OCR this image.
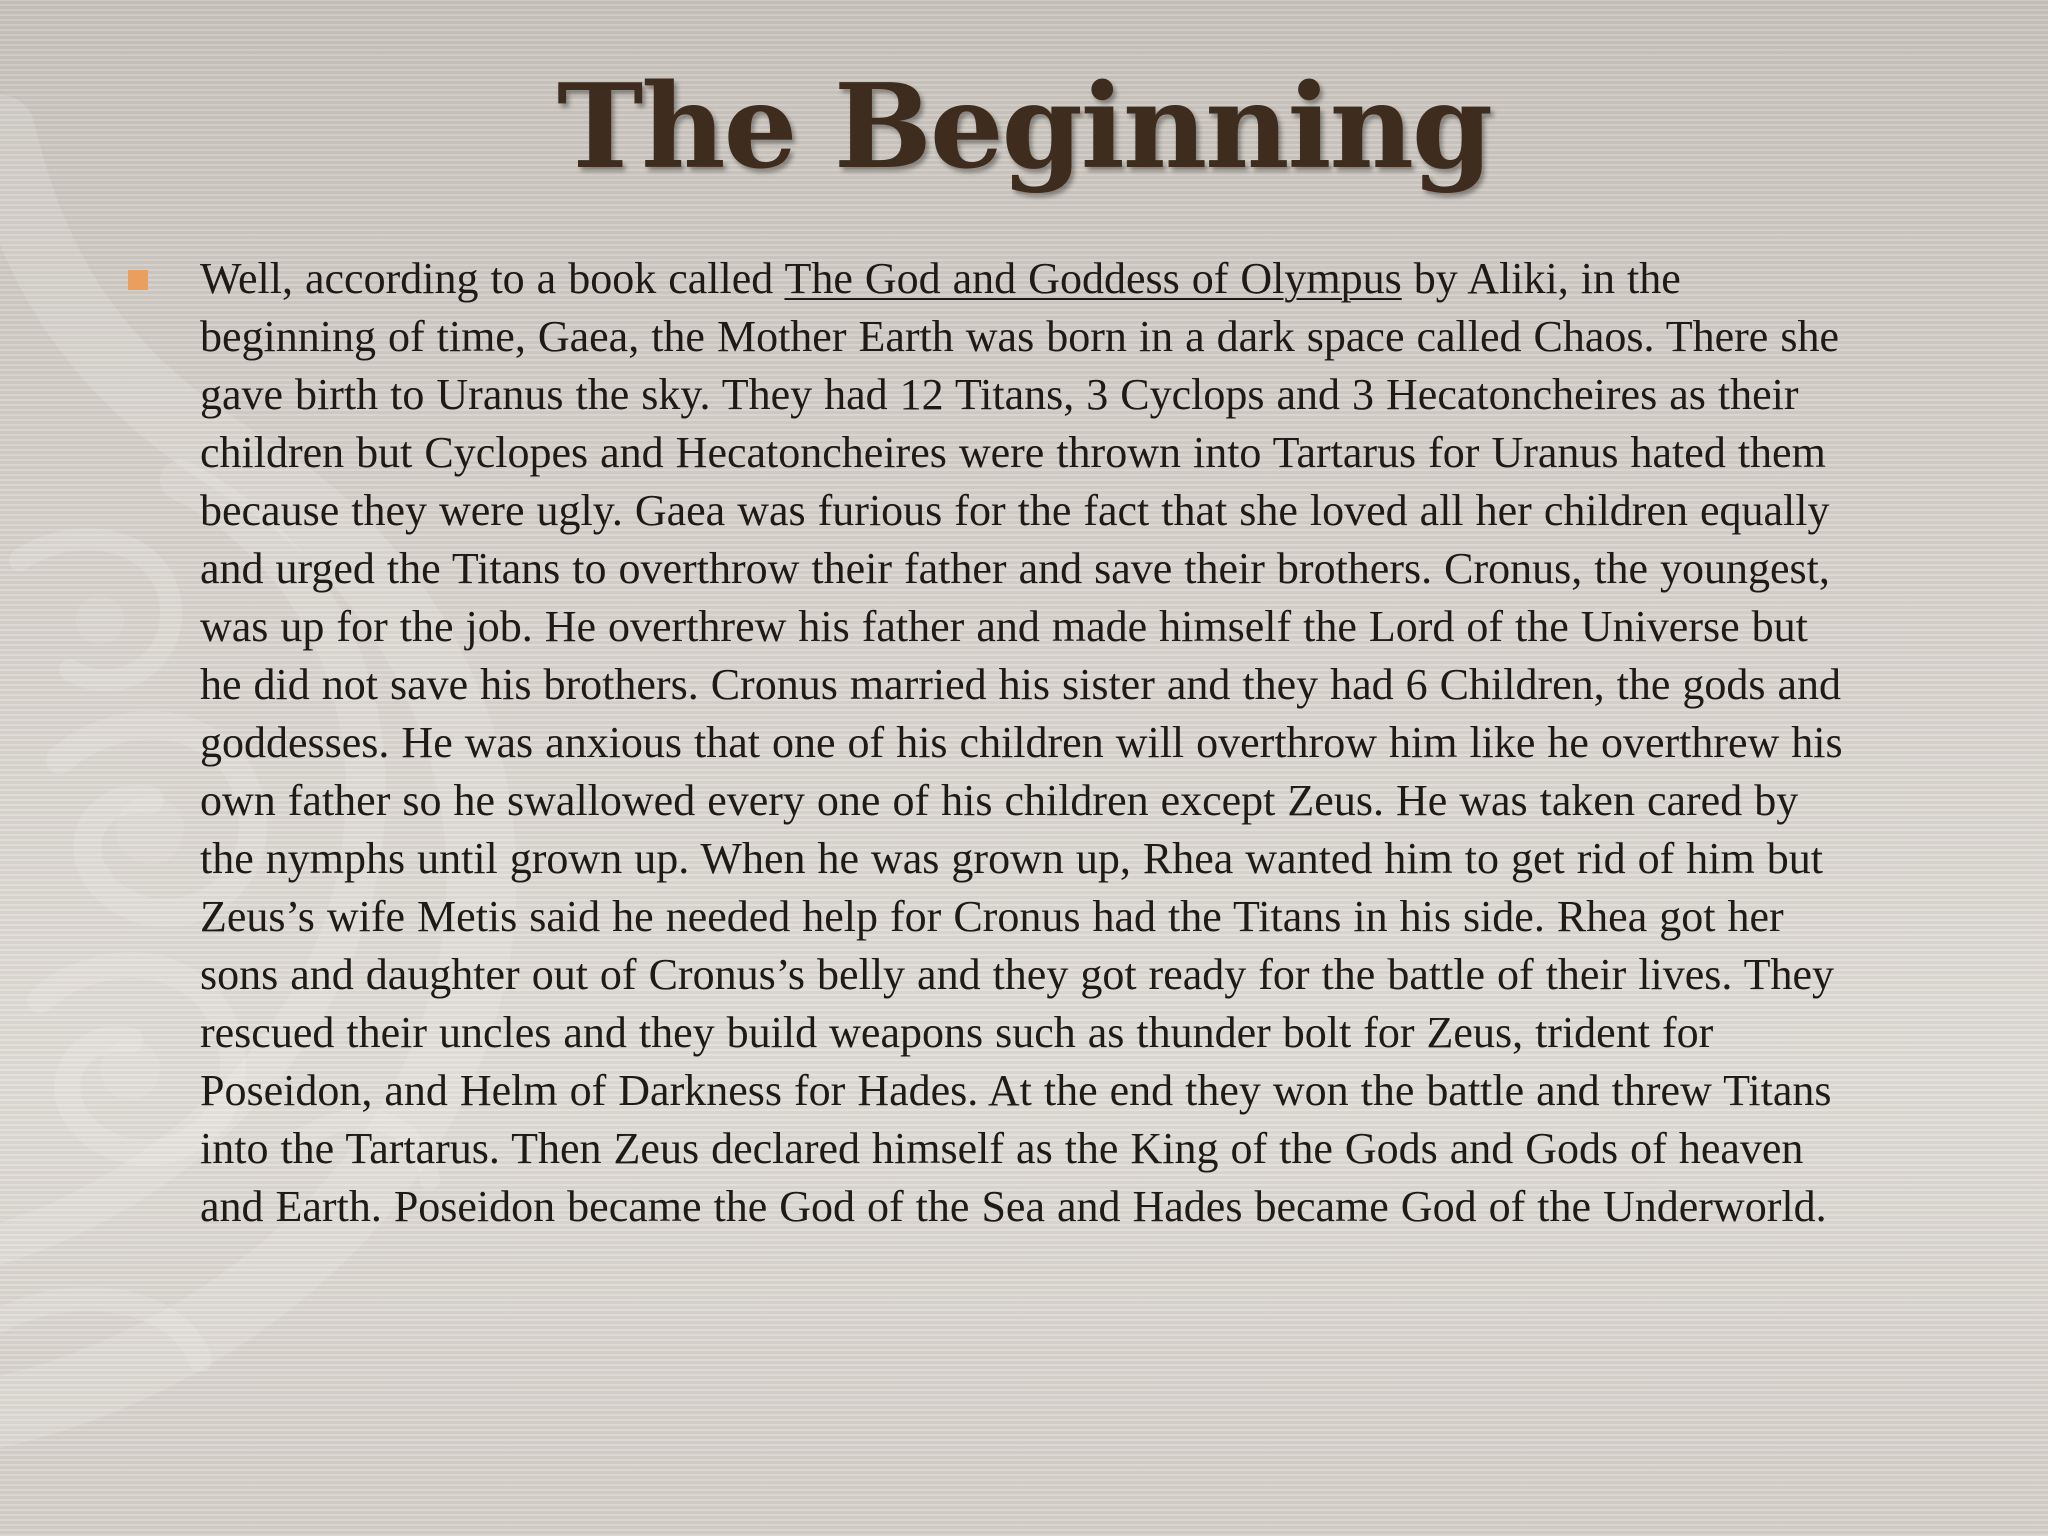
The Beginning

Well, according to a book called The God and Goddess of Olympus by Aliki, in the beginning of time, Gaea, the Mother Earth was born in a dark space called Chaos. There she gave birth to Uranus the sky. They had 12 Titans, 3 Cyclops and 3 Hecatoncheires as their children but Cyclopes and Hecatoncheires were thrown into Tartarus for Uranus hated them because they were ugly. Gaea was furious for the fact that she loved all her children equally and urged the Titans to overthrow their father and save their brothers. Cronus, the youngest, was up for the job. He overthrew his father and made himself the Lord of the Universe but he did not save his brothers. Cronus married his sister and they had 6 Children, the gods and goddesses. He was anxious that one of his children will overthrow him like he overthrew his own father so he swallowed every one of his children except Zeus. He was taken cared by the nymphs until grown up. When he was grown up, Rhea wanted him to get rid of him but Zeus’s wife Metis said he needed help for Cronus had the Titans in his side. Rhea got her sons and daughter out of Cronus’s belly and they got ready for the battle of their lives. They rescued their uncles and they build weapons such as thunder bolt for Zeus, trident for Poseidon, and Helm of Darkness for Hades. At the end they won the battle and threw Titans into the Tartarus. Then Zeus declared himself as the King of the Gods and Gods of heaven and Earth. Poseidon became the God of the Sea and Hades became God of the Underworld.
